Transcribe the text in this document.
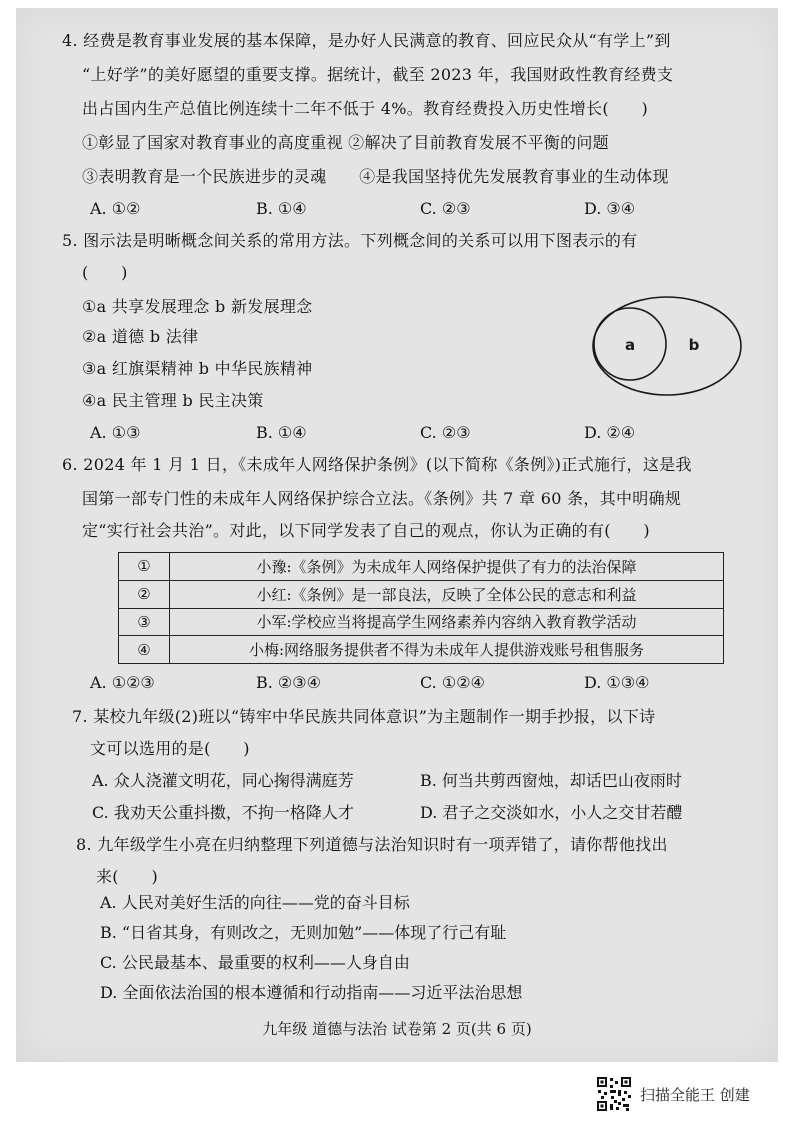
4. 经费是教育事业发展的基本保障，是办好人民满意的教育、回应民众从“有学上”到
“上好学”的美好愿望的重要支撑。据统计，截至 2023 年，我国财政性教育经费支
出占国内生产总值比例连续十二年不低于 4%。教育经费投入历史性增长(　　)
①彰显了国家对教育事业的高度重视 ②解决了目前教育发展不平衡的问题
③表明教育是一个民族进步的灵魂　　④是我国坚持优先发展教育事业的生动体现
A. ①②	B. ①④	C. ②③	D. ③④
5. 图示法是明晰概念间关系的常用方法。下列概念间的关系可以用下图表示的有
(　　)
①a 共享发展理念 b 新发展理念
②a 道德 b 法律
③a 红旗渠精神 b 中华民族精神
④a 民主管理 b 民主决策
a	b
A. ①③	B. ①④	C. ②③	D. ②④
6. 2024 年 1 月 1 日，《未成年人网络保护条例》(以下简称《条例》)正式施行，这是我
国第一部专门性的未成年人网络保护综合立法。《条例》共 7 章 60 条，其中明确规
定“实行社会共治”。对此，以下同学发表了自己的观点，你认为正确的有(　　)
①	小豫:《条例》为未成年人网络保护提供了有力的法治保障
②	小红:《条例》是一部良法，反映了全体公民的意志和利益
③	小军:学校应当将提高学生网络素养内容纳入教育教学活动
④	小梅:网络服务提供者不得为未成年人提供游戏账号租售服务
A. ①②③	B. ②③④	C. ①②④	D. ①③④
7. 某校九年级(2)班以“铸牢中华民族共同体意识”为主题制作一期手抄报，以下诗
文可以选用的是(　　)
A. 众人浇灌文明花，同心掬得满庭芳	B. 何当共剪西窗烛，却话巴山夜雨时
C. 我劝天公重抖擞，不拘一格降人才	D. 君子之交淡如水，小人之交甘若醴
8. 九年级学生小亮在归纳整理下列道德与法治知识时有一项弄错了，请你帮他找出
来(　　)
A. 人民对美好生活的向往——党的奋斗目标
B. “日省其身，有则改之，无则加勉”——体现了行己有耻
C. 公民最基本、最重要的权利——人身自由
D. 全面依法治国的根本遵循和行动指南——习近平法治思想
九年级 道德与法治 试卷第 2 页(共 6 页)
扫描全能王 创建
